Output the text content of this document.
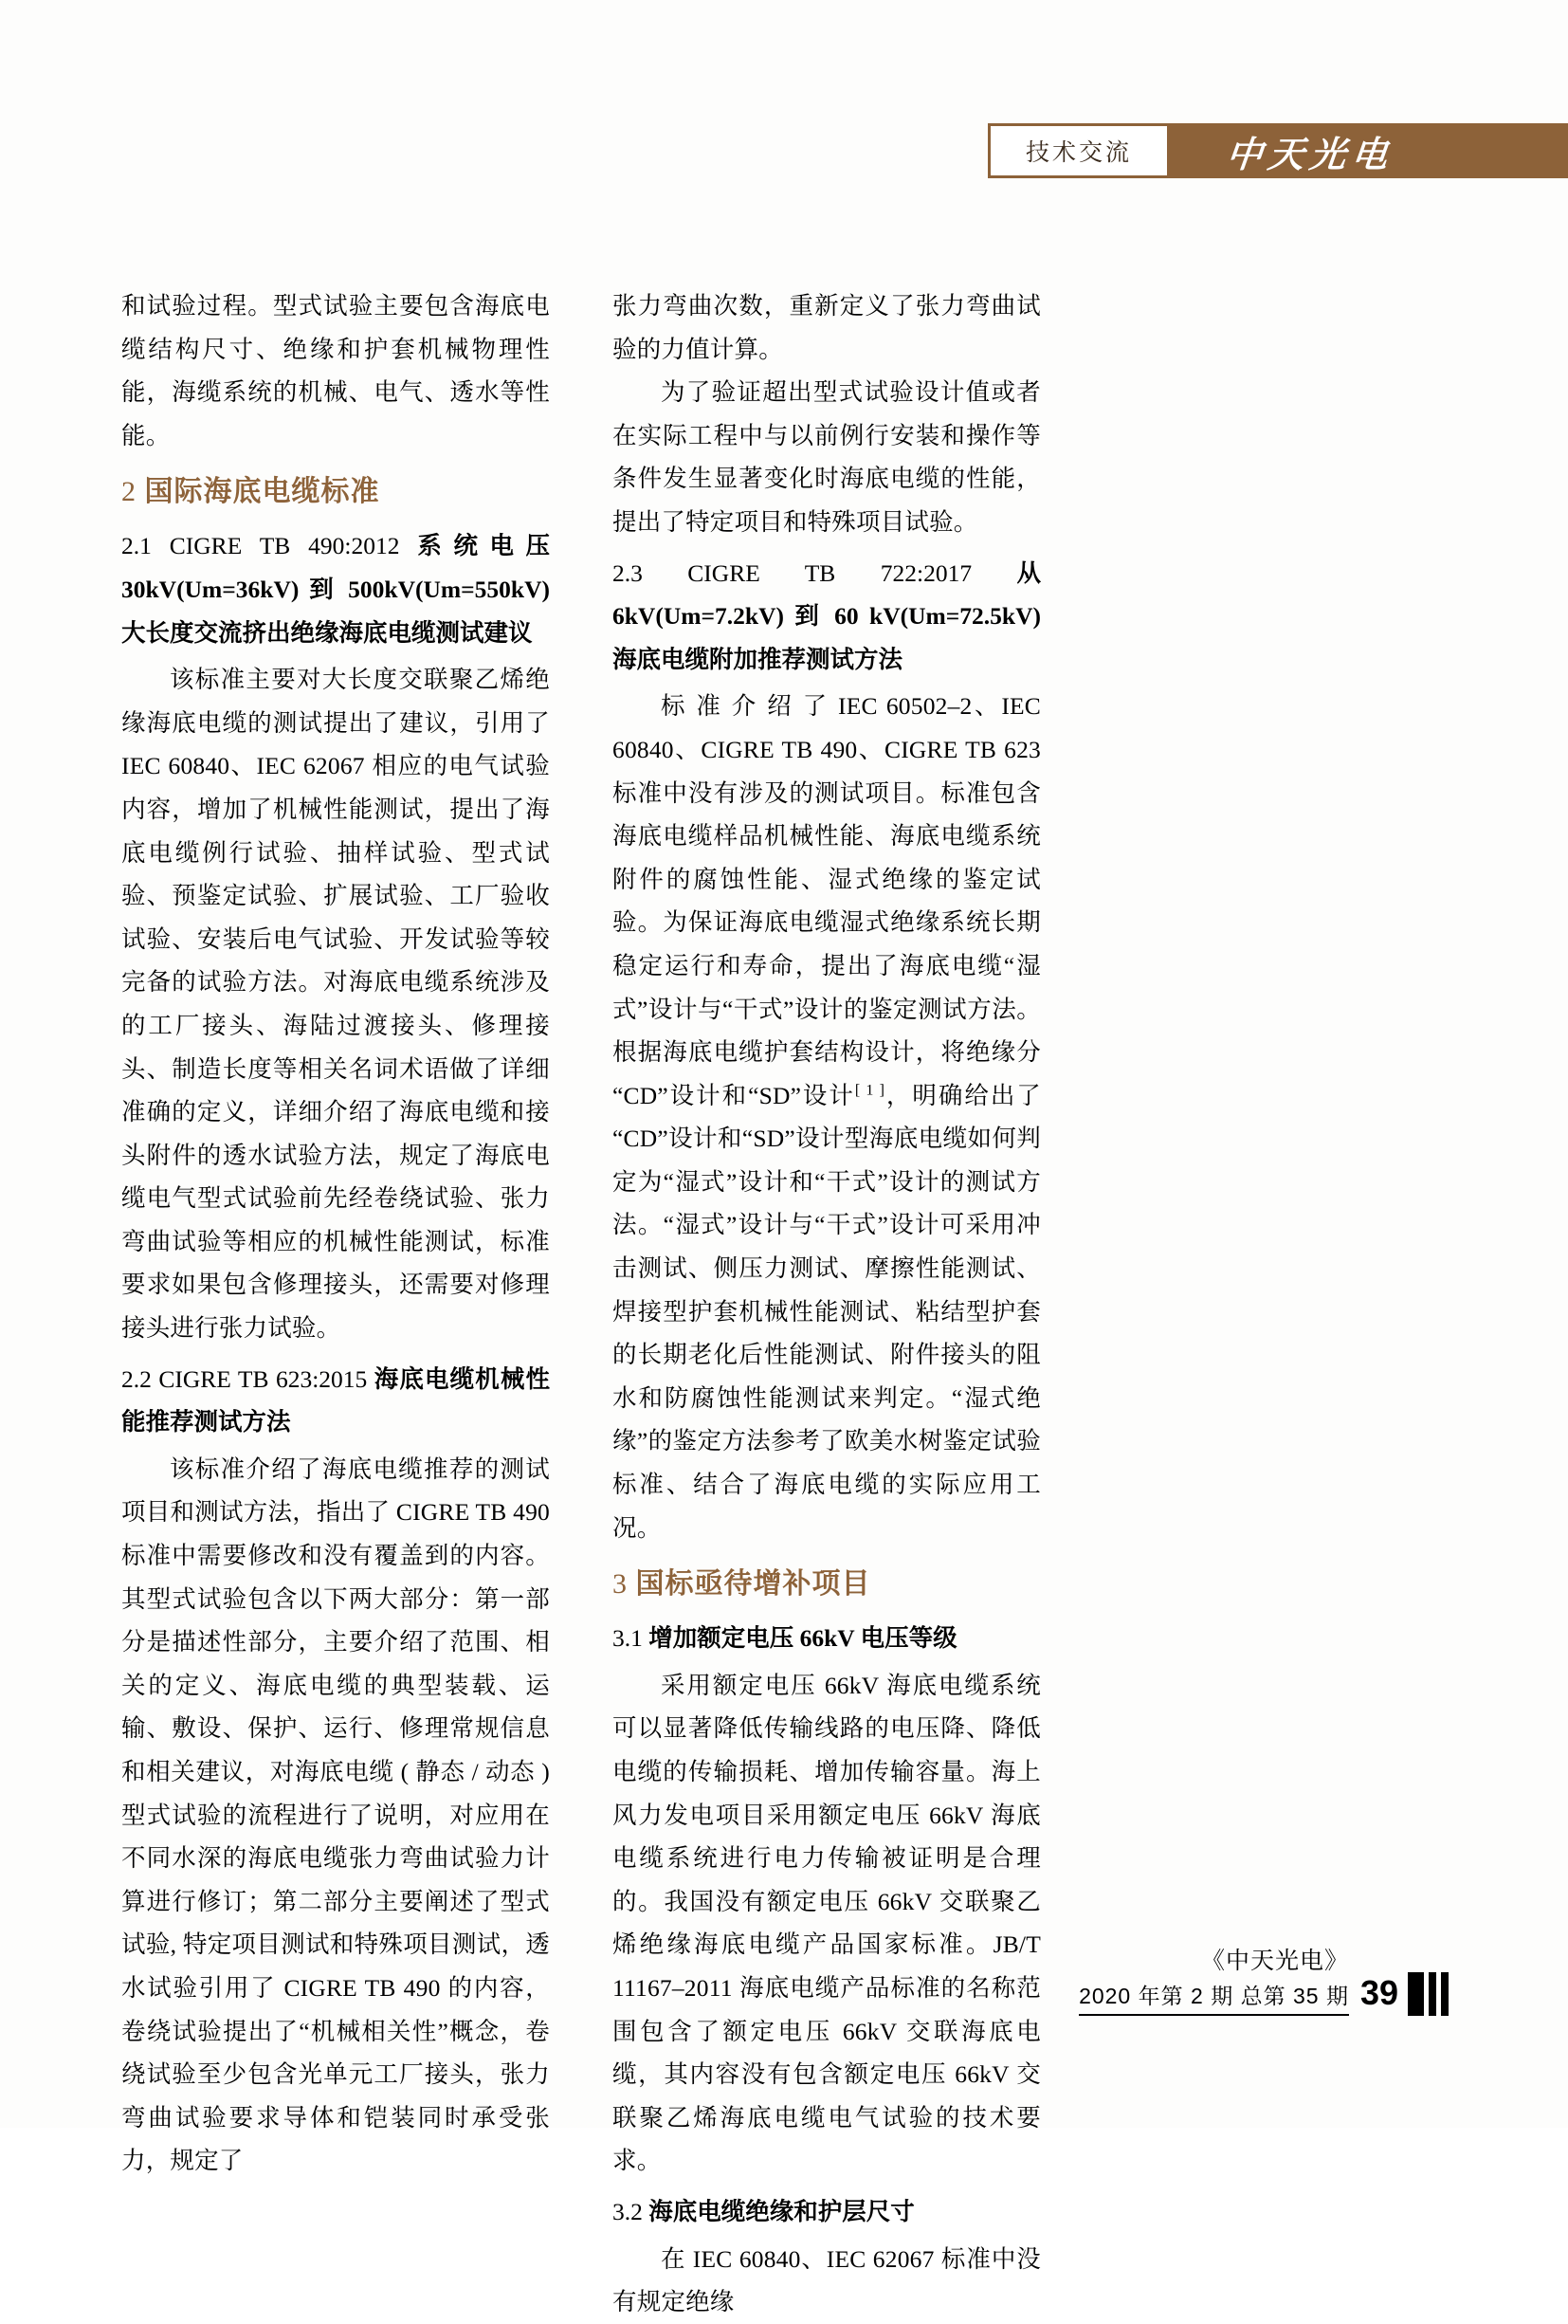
技术交流	中天光电

和试验过程。型式试验主要包含海底电缆结构尺寸、绝缘和护套机械物理性能，海缆系统的机械、电气、透水等性能。

2 国际海底电缆标准
2.1 CIGRE TB 490:2012 系统电压 30kV(Um=36kV) 到 500kV(Um=550kV) 大长度交流挤出绝缘海底电缆测试建议

该标准主要对大长度交联聚乙烯绝缘海底电缆的测试提出了建议，引用了 IEC 60840、IEC 62067 相应的电气试验内容，增加了机械性能测试，提出了海底电缆例行试验、抽样试验、型式试验、预鉴定试验、扩展试验、工厂验收试验、安装后电气试验、开发试验等较完备的试验方法。对海底电缆系统涉及的工厂接头、海陆过渡接头、修理接头、制造长度等相关名词术语做了详细准确的定义，详细介绍了海底电缆和接头附件的透水试验方法，规定了海底电缆电气型式试验前先经卷绕试验、张力弯曲试验等相应的机械性能测试，标准要求如果包含修理接头，还需要对修理接头进行张力试验。

2.2 CIGRE TB 623:2015 海底电缆机械性能推荐测试方法

该标准介绍了海底电缆推荐的测试项目和测试方法，指出了 CIGRE TB 490 标准中需要修改和没有覆盖到的内容。其型式试验包含以下两大部分：第一部分是描述性部分，主要介绍了范围、相关的定义、海底电缆的典型装载、运输、敷设、保护、运行、修理常规信息和相关建议，对海底电缆 ( 静态 / 动态 ) 型式试验的流程进行了说明，对应用在不同水深的海底电缆张力弯曲试验力计算进行修订；第二部分主要阐述了型式试验, 特定项目测试和特殊项目测试，透水试验引用了 CIGRE TB 490 的内容，卷绕试验提出了“机械相关性”概念，卷绕试验至少包含光单元工厂接头，张力弯曲试验要求导体和铠装同时承受张力，规定了

张力弯曲次数，重新定义了张力弯曲试验的力值计算。

为了验证超出型式试验设计值或者在实际工程中与以前例行安装和操作等条件发生显著变化时海底电缆的性能，提出了特定项目和特殊项目试验。

2.3 CIGRE TB 722:2017 从 6kV(Um=7.2kV) 到 60 kV(Um=72.5kV) 海底电缆附加推荐测试方法

标 准 介 绍 了 IEC 60502–2、IEC 60840、CIGRE TB 490、CIGRE TB 623 标准中没有涉及的测试项目。标准包含海底电缆样品机械性能、海底电缆系统附件的腐蚀性能、湿式绝缘的鉴定试验。为保证海底电缆湿式绝缘系统长期稳定运行和寿命，提出了海底电缆“湿式”设计与“干式”设计的鉴定测试方法。根据海底电缆护套结构设计，将绝缘分“CD”设计和“SD”设计[ 1 ]，明确给出了“CD”设计和“SD”设计型海底电缆如何判定为“湿式”设计和“干式”设计的测试方法。“湿式”设计与“干式”设计可采用冲击测试、侧压力测试、摩擦性能测试、焊接型护套机械性能测试、粘结型护套的长期老化后性能测试、附件接头的阻水和防腐蚀性能测试来判定。“湿式绝缘”的鉴定方法参考了欧美水树鉴定试验标准、结合了海底电缆的实际应用工况。

3 国标亟待增补项目
3.1 增加额定电压 66kV 电压等级

采用额定电压 66kV 海底电缆系统可以显著降低传输线路的电压降、降低电缆的传输损耗、增加传输容量。海上风力发电项目采用额定电压 66kV 海底电缆系统进行电力传输被证明是合理的。我国没有额定电压 66kV 交联聚乙烯绝缘海底电缆产品国家标准。JB/T 11167–2011 海底电缆产品标准的名称范围包含了额定电压 66kV 交联海底电缆，其内容没有包含额定电压 66kV 交联聚乙烯海底电缆电气试验的技术要求。

3.2 海底电缆绝缘和护层尺寸

在 IEC 60840、IEC 62067 标准中没有规定绝缘

《中天光电》
2020 年第 2 期 总第 35 期 39
